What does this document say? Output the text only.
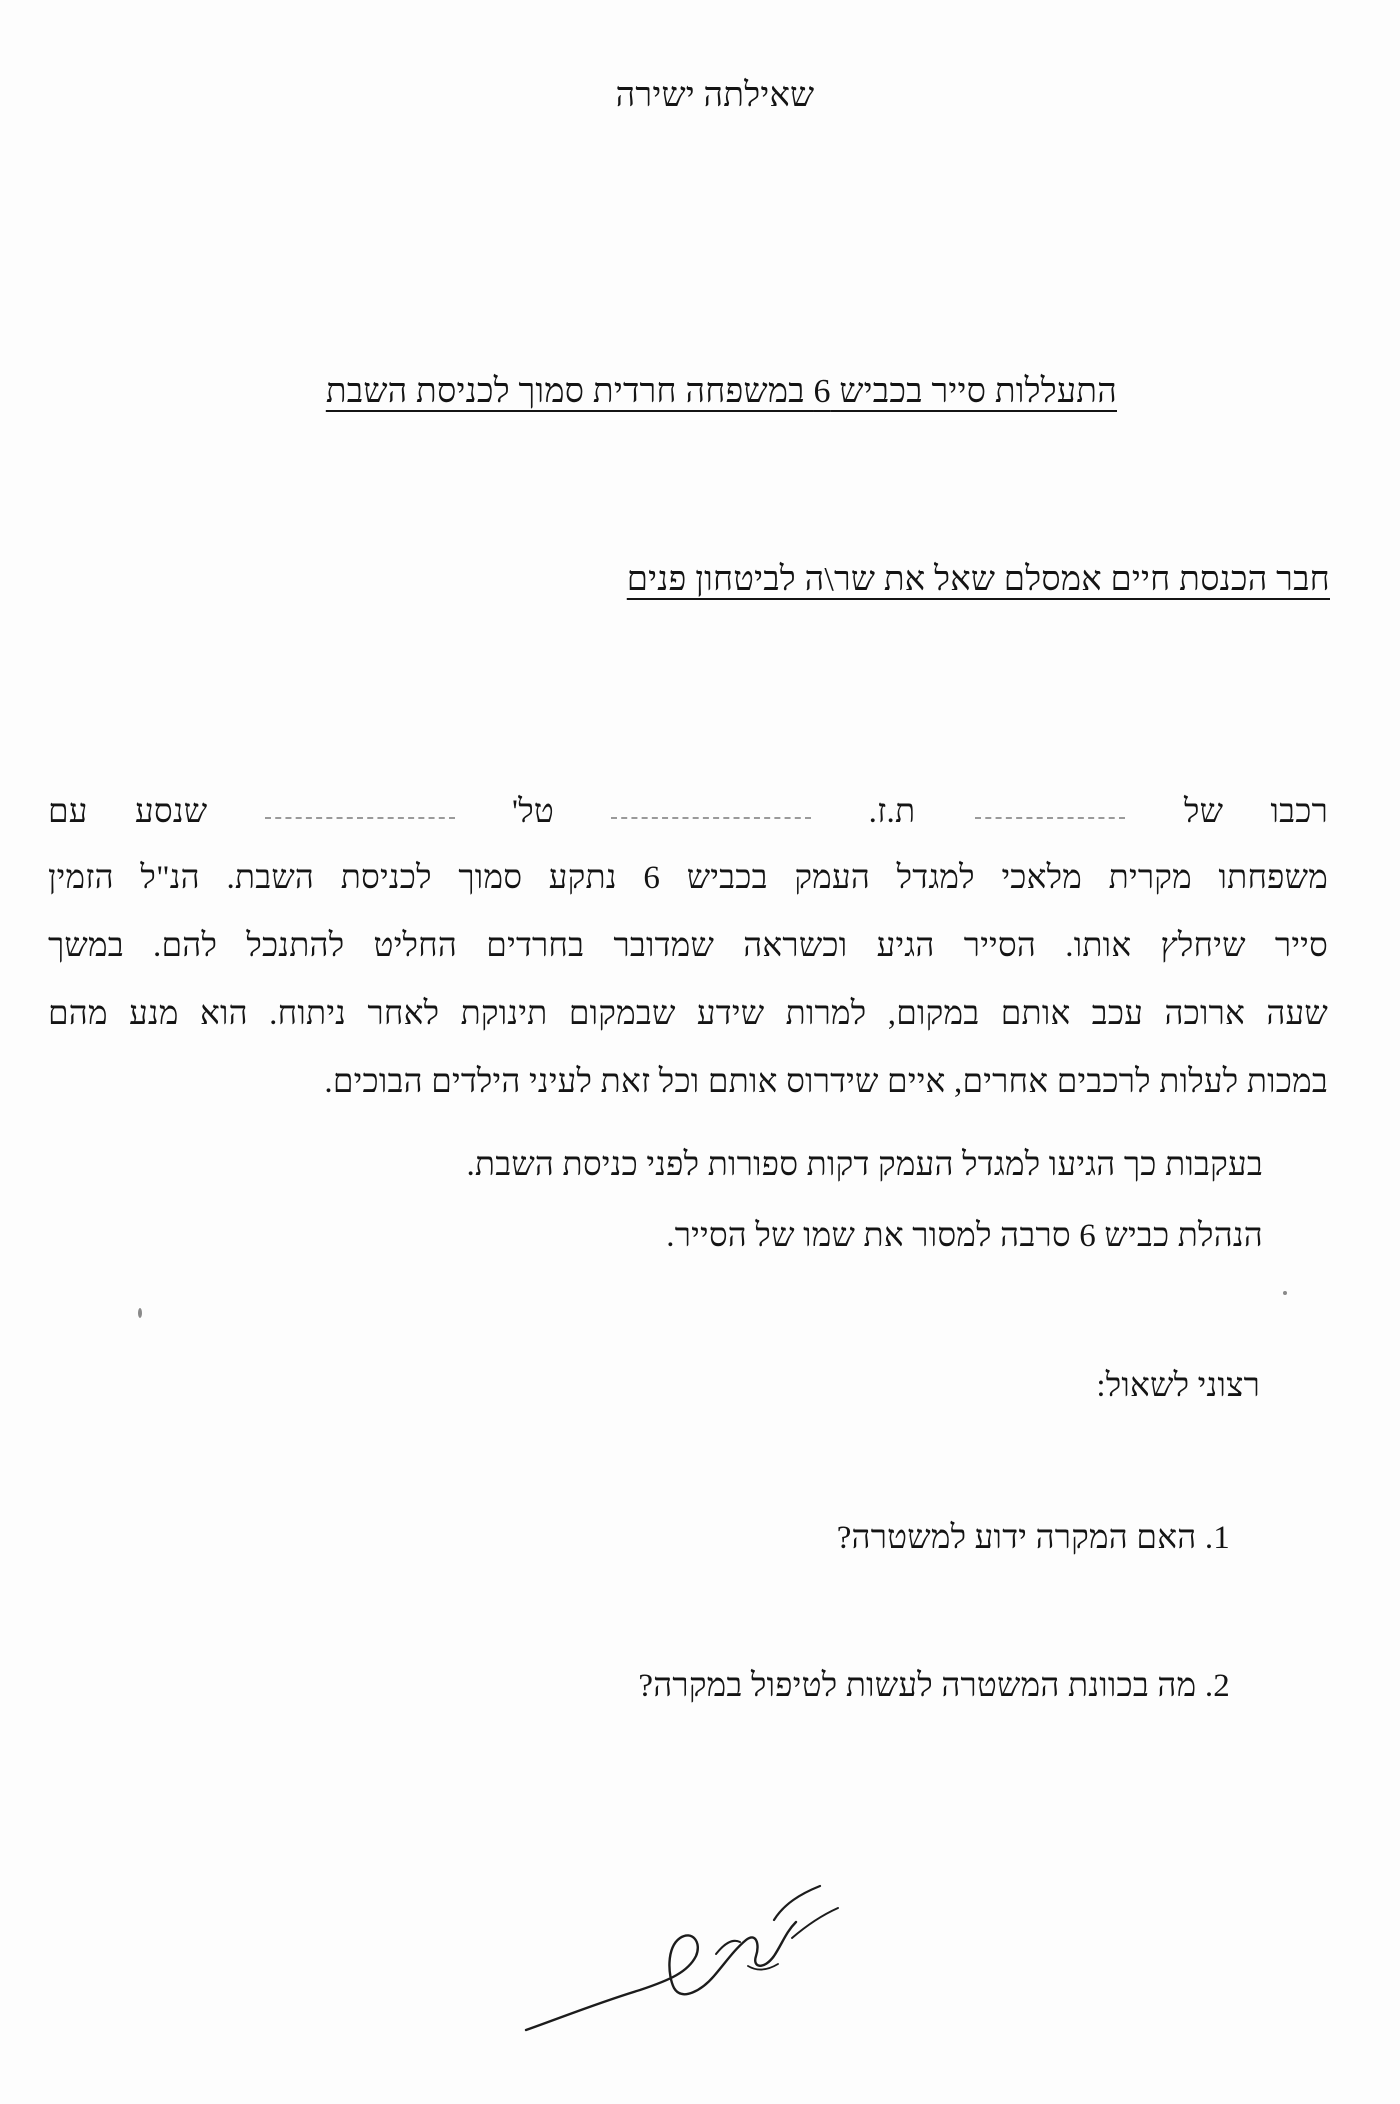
שאילתה ישירה
התעללות סייר בכביש 6 במשפחה חרדית סמוך לכניסת השבת
חבר הכנסת חיים אמסלם שאל את שר\ה לביטחון פנים
רכבו של  ת.ז.  טל'  שנסע עם
משפחתו מקרית מלאכי למגדל העמק בכביש 6 נתקע סמוך לכניסת השבת. הנ"ל הזמין
סייר שיחלץ אותו. הסייר הגיע וכשראה שמדובר בחרדים החליט להתנכל להם. במשך
שעה ארוכה עכב אותם במקום, למרות שידע שבמקום תינוקת לאחר ניתוח. הוא מנע מהם
במכות לעלות לרכבים אחרים, איים שידרוס אותם וכל זאת לעיני הילדים הבוכים.
בעקבות כך הגיעו למגדל העמק דקות ספורות לפני כניסת השבת.
הנהלת כביש 6 סרבה למסור את שמו של הסייר.
רצוני לשאול:
1. האם המקרה ידוע למשטרה?
2. מה בכוונת המשטרה לעשות לטיפול במקרה?
